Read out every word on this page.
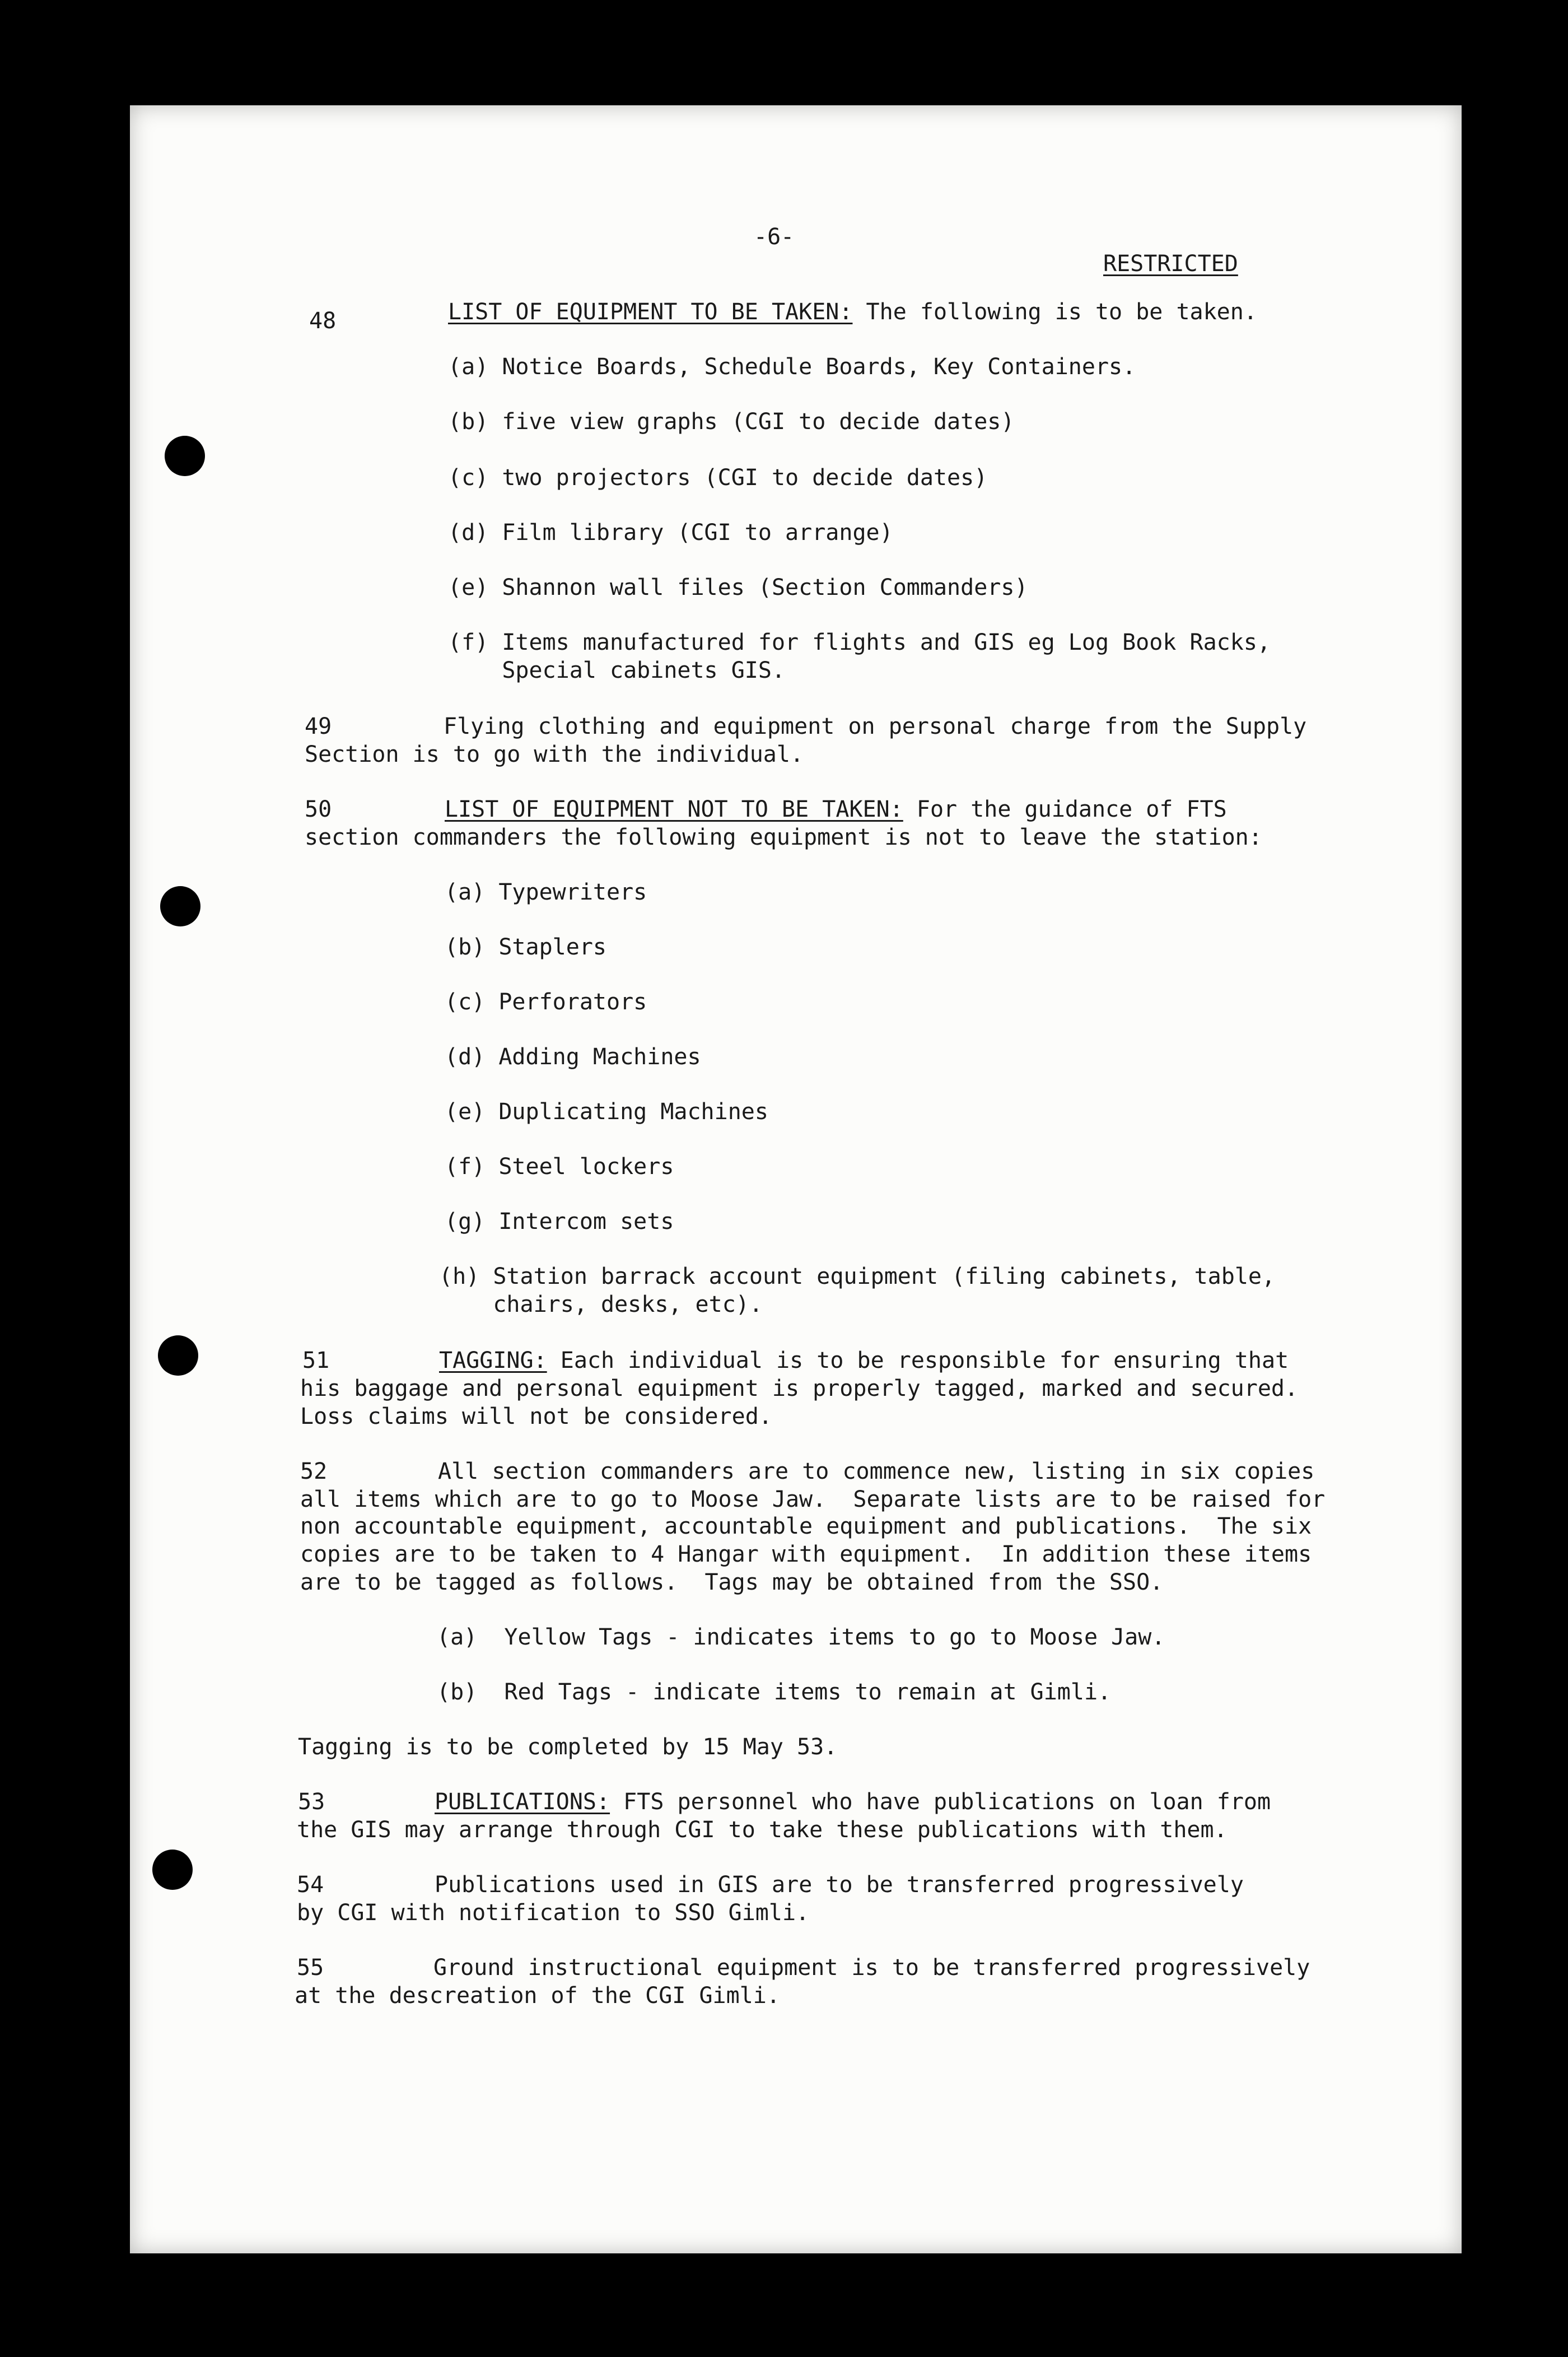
-6-

RESTRICTED

48	LIST OF EQUIPMENT TO BE TAKEN: The following is to be taken.

(a) Notice Boards, Schedule Boards, Key Containers.

(b) five view graphs (CGI to decide dates)

(c) two projectors (CGI to decide dates)

(d) Film library (CGI to arrange)

(e) Shannon wall files (Section Commanders)

(f) Items manufactured for flights and GIS eg Log Book Racks,

Special cabinets GIS.

49	Flying clothing and equipment on personal charge from the Supply

Section is to go with the individual.

50	LIST OF EQUIPMENT NOT TO BE TAKEN: For the guidance of FTS

section commanders the following equipment is not to leave the station:

(a) Typewriters

(b) Staplers

(c) Perforators

(d) Adding Machines

(e) Duplicating Machines

(f) Steel lockers

(g) Intercom sets

(h) Station barrack account equipment (filing cabinets, table,

chairs, desks, etc).

51	TAGGING: Each individual is to be responsible for ensuring that

his baggage and personal equipment is properly tagged, marked and secured.

Loss claims will not be considered.

52	All section commanders are to commence new, listing in six copies

all items which are to go to Moose Jaw.  Separate lists are to be raised for

non accountable equipment, accountable equipment and publications.  The six

copies are to be taken to 4 Hangar with equipment.  In addition these items

are to be tagged as follows.  Tags may be obtained from the SSO.

(a)  Yellow Tags - indicates items to go to Moose Jaw.

(b)  Red Tags - indicate items to remain at Gimli.

Tagging is to be completed by 15 May 53.

53	PUBLICATIONS: FTS personnel who have publications on loan from

the GIS may arrange through CGI to take these publications with them.

54	Publications used in GIS are to be transferred progressively

by CGI with notification to SSO Gimli.

55	Ground instructional equipment is to be transferred progressively

at the descreation of the CGI Gimli.
